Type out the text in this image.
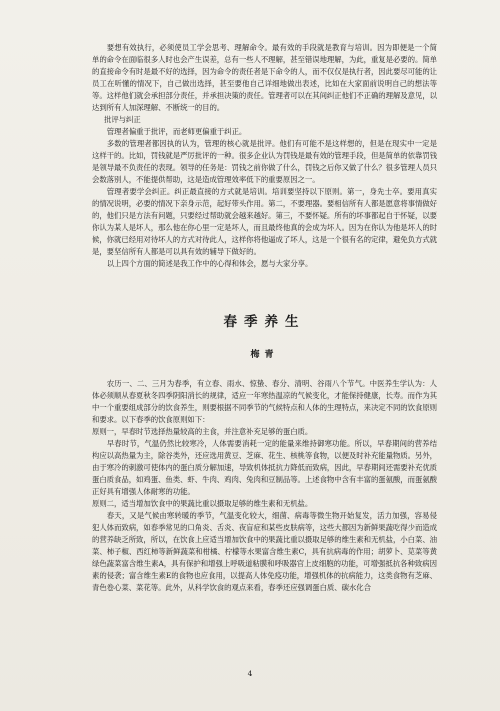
要想有效执行，必须使员工学会思考、理解命令。最有效的手段就是教育与培训。因为即便是一个简单的命令在面临很多人时也会产生误差，总有一些人不理解，甚至错误地理解，为此，重复是必要的。简单的直接命令有时是最不好的选择，因为命令的责任者是下命令的人，而不仅仅是执行者，因此要尽可能的让员工在听懂的情况下，自己做出选择，甚至要他自己详细地做出表述，比如在大家面前说明自己的想法等等。这样他们就会承担部分责任，并承担决策的责任。管理者可以在其间纠正他们不正确的理解及意见，以达到所有人加深理解、不断统一的目的。

批评与纠正

管理者偏重于批评，而老师更偏重于纠正。

多数的管理者都因执的认为，管理的核心就是批评。他们有可能不是这样想的，但是在现实中一定是这样干的。比如，罚钱就是严厉批评的一种。很多企业认为罚钱是最有效的管理手段，但是简单的依靠罚钱是领导最不负责任的表现。领导的任务是：罚钱之前你做了什么，罚钱之后你又做了什么？很多管理人员只会数落别人，不能提供帮助，这是造成管理效率低下的重要原因之一。

管理者要学会纠正。纠正最直接的方式就是培训。培训要坚持以下原则。第一，身先士卒。要用真实的情况说明，必要的情况下亲身示范，起好带头作用。第二，不要理器。要相信所有人都是愿意将事情做好的，他们只是方法有问题，只要经过帮助就会越来越好。第三，不要怀疑。所有的坏事都起自于怀疑，以要你认为某人是坏人，那么他在你心里一定是坏人，而且最终他真的会成为坏人。因为在你认为他是坏人的时候，你就已经用对待坏人的方式对待此人，这样你将他逼成了坏人，这是一个很有名的定律，避免负方式就是，要坚信所有人都是可以具有效的辅导下做好的。

以上四个方面的简述是我工作中的心得和体会，愿与大家分享。

春季养生
梅青

农历一、二、三月为春季，有立春、雨水、惊蛰、春分、清明、谷雨八个节气。中医养生学认为：人体必须顺从春夏秋冬四季阴阳消长的规律，适应一年寒热温凉的气候变化，才能保持健康，长寿。而作为其中一个重要组成部分的饮食养生，则要根据不同季节的气候特点和人体的生理特点，来决定不同的饮食原则和要求。以下春季的饮食原则如下：

原则一，早春时节选择热量较高的主食，并注意补充足够的蛋白质。

早春时节，气温仍然比较寒冷，人体需要消耗一定的能量来维持御寒功能。所以，早春期间的营养结构应以高热量为主，除谷类外，还应选用黄豆、芝麻、花生、核桃等食物，以便及时补充能量物质。另外，由于寒冷的刺激可使体内的蛋白质分解加速，导致机体抵抗力降低而致病，因此，早春期间还需要补充优质蛋白质食品，如鸡蛋、鱼类、虾、牛肉、鸡肉、兔肉和豆制品等。上述食物中含有丰富的蛋氨酸，而蛋氨酸正好具有增强人体耐寒的功能。

原则二，适当增加饮食中的果蔬比重以摄取足够的维生素和无机盐。

春天，又是气候由寒转暖的季节，气温变化较大，细菌、病毒等微生物开始复发，活力加强，容易侵犯人体而致病，如春季常见的口角炎、舌炎、夜盲症和某些皮肤病等，这些大都因为新鲜果蔬吃得少而造成的营养缺乏所致，所以，在饮食上应适当增加饮食中的果蔬比重以摄取足够的维生素和无机盐，小白菜、油菜、柿子椒、西红柿等新鲜蔬菜和柑橘、柠檬等水果富含维生素C，具有抗病毒的作用；胡萝卜、苋菜等黄绿色蔬菜富含维生素A，具有保护和增强上呼吸道粘膜和呼吸器官上皮细胞的功能，可增强抵抗各种致病因素的侵袭；富含维生素E的食物也应食用，以提高人体免疫功能，增强机体的抗病能力，这类食物有芝麻、青色卷心菜、菜花等。此外，从科学饮食的观点来看，春季还应强调蛋白质、碳水化合

4
